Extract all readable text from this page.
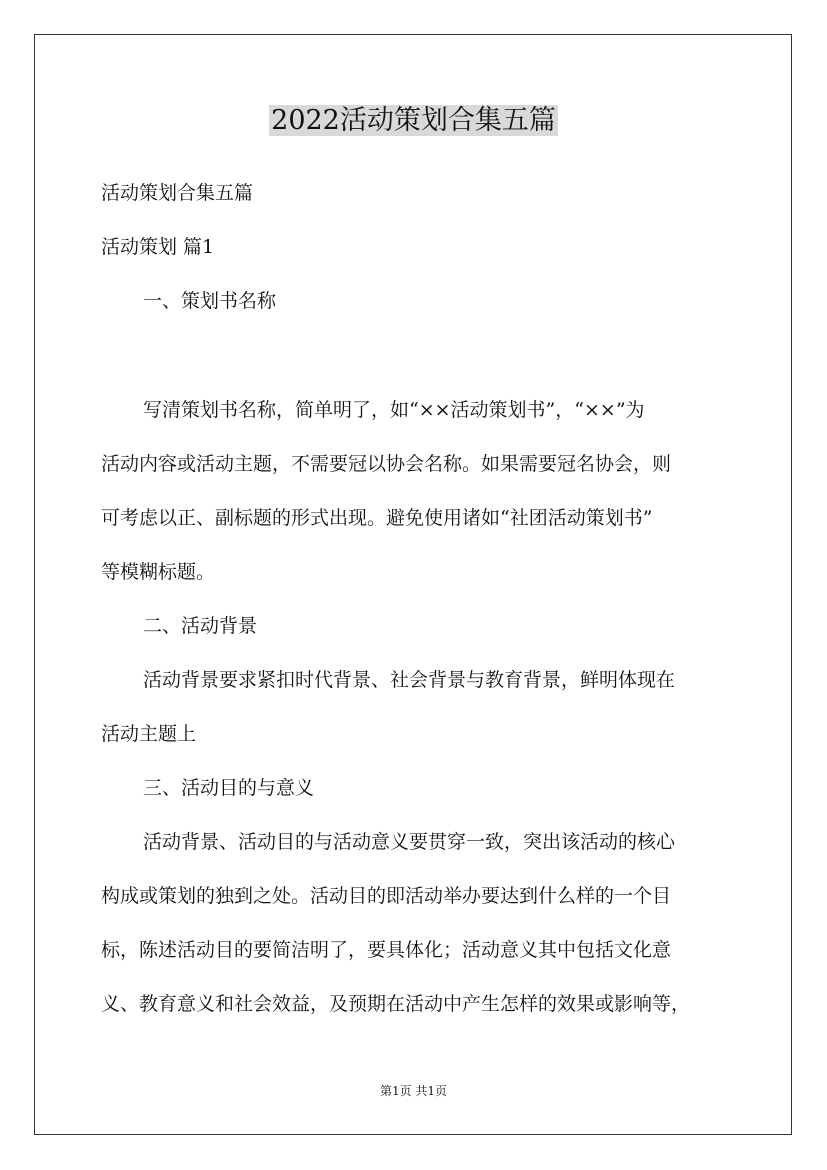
2022活动策划合集五篇

活动策划合集五篇

活动策划 篇1

一、策划书名称

写清策划书名称，简单明了，如“××活动策划书”，“××”为

活动内容或活动主题，不需要冠以协会名称。如果需要冠名协会，则

可考虑以正、副标题的形式出现。避免使用诸如“社团活动策划书”

等模糊标题。

二、活动背景

活动背景要求紧扣时代背景、社会背景与教育背景，鲜明体现在

活动主题上

三、活动目的与意义

活动背景、活动目的与活动意义要贯穿一致，突出该活动的核心

构成或策划的独到之处。活动目的即活动举办要达到什么样的一个目

标，陈述活动目的要简洁明了，要具体化；活动意义其中包括文化意

义、教育意义和社会效益，及预期在活动中产生怎样的效果或影响等，

第1页 共1页
